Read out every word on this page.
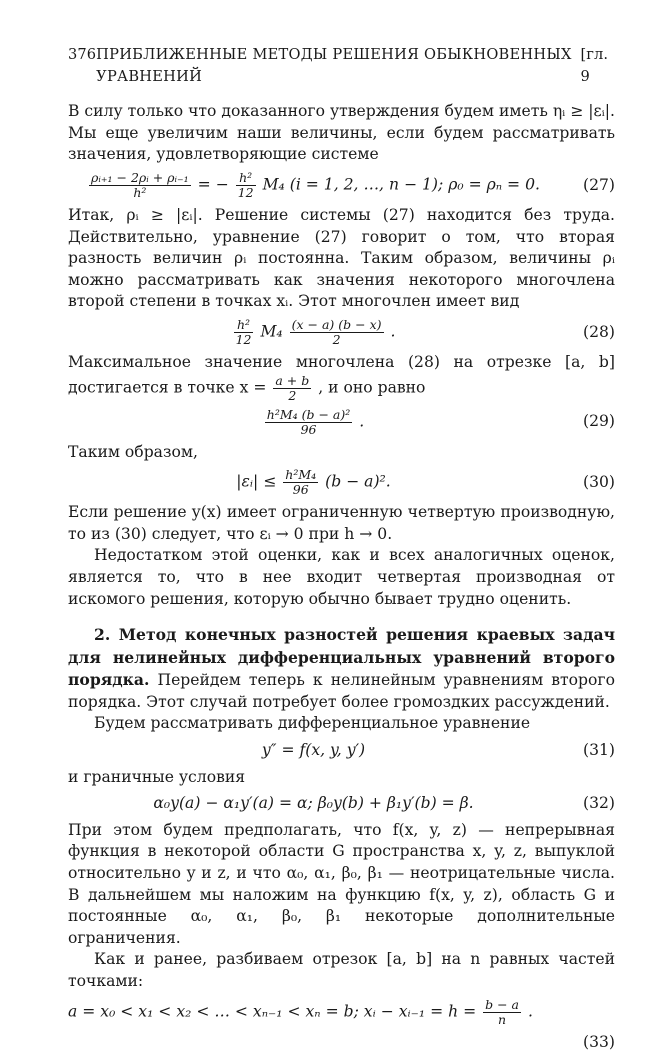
376 ПРИБЛИЖЕННЫЕ МЕТОДЫ РЕШЕНИЯ ОБЫКНОВЕННЫХ УРАВНЕНИЙ
[гл. 9

В силу только что доказанного утверждения будем иметь ηᵢ ≥ |εᵢ|. Мы еще увеличим наши величины, если будем рассматривать значения, удовлетворяющие системе

$\frac{\text{ρᵢ₊₁ − 2ρᵢ + ρᵢ₋₁}}{\text{h²}}$ = − $\frac{\text{h²}}{12} M_4$ (i = 1, 2, …, n − 1); ρ₀ = ρₙ = 0.	(27)

Итак, ρᵢ ≥ |εᵢ|. Решение системы (27) находится без труда. Действительно, уравнение (27) говорит о том, что вторая разность величин ρᵢ постоянна. Таким образом, величины ρᵢ можно рассматривать как значения некоторого многочлена второй степени в точках xᵢ. Этот многочлен имеет вид

$\frac{\text{h²}}{12} M_4 \frac{(x - a) (b - x)}{2}$ .	(28)

Максимальное значение многочлена (28) на отрезке [a, b] достигается в точке $x = \frac{a + b}{2}$ , и оно равно

$\frac{\text{h²M₄ (b − a)²}}{96}$ .	(29)

Таким образом,

|εᵢ| ≤ $\frac{\text{h²M₄}}{96} (b - a)^2$.	(30)

Если решение y(x) имеет ограниченную четвертую производную, то из (30) следует, что εᵢ → 0 при h → 0.

Недостатком этой оценки, как и всех аналогичных оценок, является то, что в нее входит четвертая производная от искомого решения, которую обычно бывает трудно оценить.

2. Метод конечных разностей решения краевых задач для нелинейных дифференциальных уравнений второго порядка. Перейдем теперь к нелинейным уравнениям второго порядка. Этот случай потребует более громоздких рассуждений.

Будем рассматривать дифференциальное уравнение

y″ = f(x, y, y′)	(31)

и граничные условия

α₀y(a) − α₁y′(a) = α; β₀y(b) + β₁y′(b) = β.	(32)

При этом будем предполагать, что f(x, y, z) — непрерывная функция в некоторой области G пространства x, y, z, выпуклой относительно y и z, и что α₀, α₁, β₀, β₁ — неотрицательные числа. В дальнейшем мы наложим на функцию f(x, y, z), область G и постоянные α₀, α₁, β₀, β₁ некоторые дополнительные ограничения.

Как и ранее, разбиваем отрезок [a, b] на n равных частей точками:

a = x₀ < x₁ < x₂ < … < xₙ₋₁ < xₙ = b; xᵢ − xᵢ₋₁ = $h = \frac{b - a}{n}$ .
(33)
